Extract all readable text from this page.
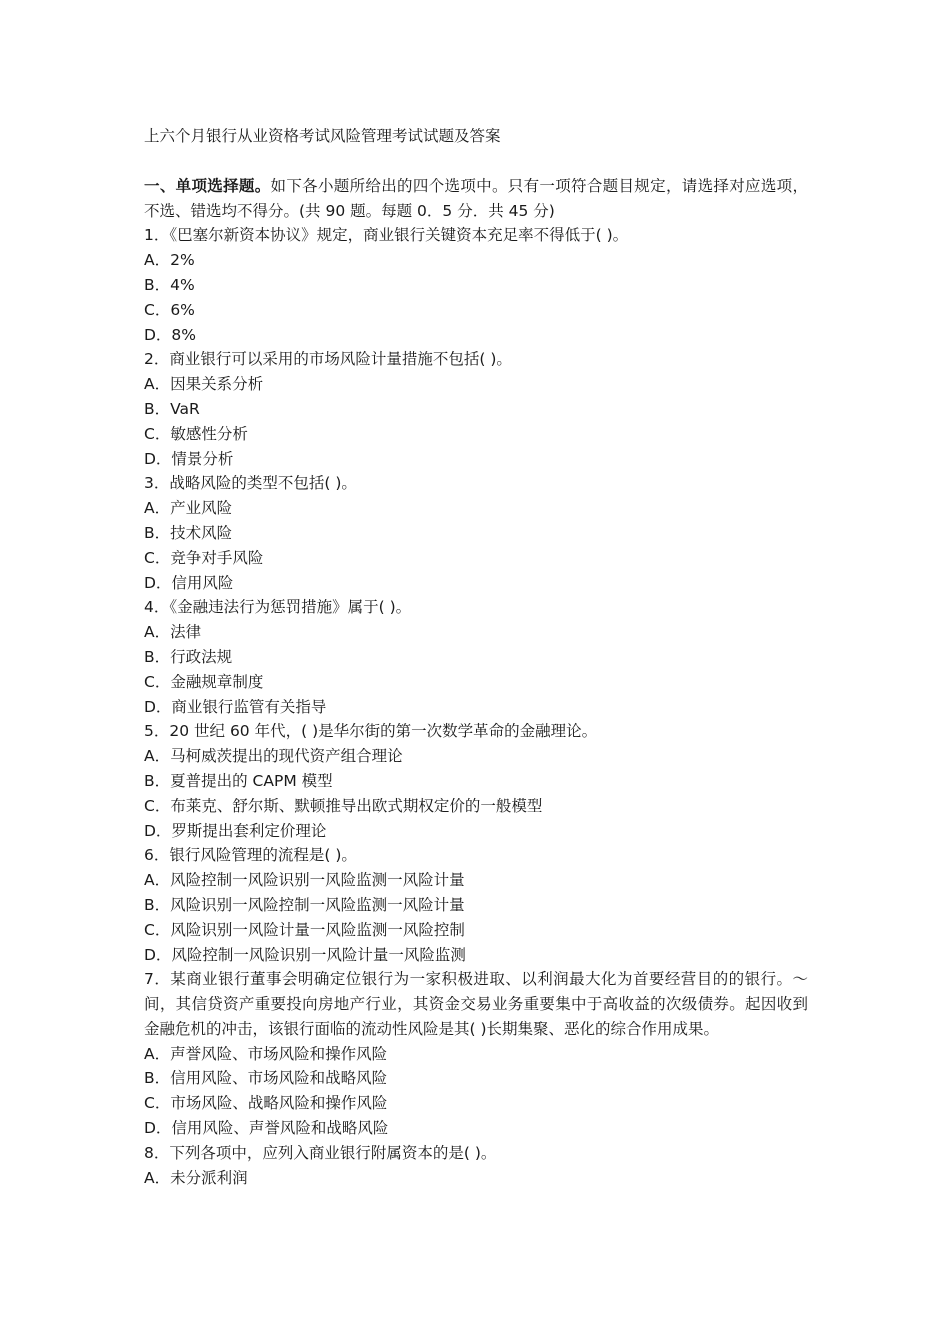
上六个月银行从业资格考试风险管理考试试题及答案

一、单项选择题。如下各小题所给出的四个选项中。只有一项符合题目规定，请选择对应选项，不选、错选均不得分。(共 90 题。每题 0．5 分．共 45 分)

1．《巴塞尔新资本协议》规定，商业银行关键资本充足率不得低于( )。

A．2%

B．4%

C．6%

D．8%

2．商业银行可以采用的市场风险计量措施不包括( )。

A．因果关系分析

B．VaR

C．敏感性分析

D．情景分析

3．战略风险的类型不包括( )。

A．产业风险

B．技术风险

C．竞争对手风险

D．信用风险

4．《金融违法行为惩罚措施》属于( )。

A．法律

B．行政法规

C．金融规章制度

D．商业银行监管有关指导

5．20 世纪 60 年代，( )是华尔街的第一次数学革命的金融理论。

A．马柯威茨提出的现代资产组合理论

B．夏普提出的 CAPM 模型

C．布莱克、舒尔斯、默顿推导出欧式期权定价的一般模型

D．罗斯提出套利定价理论

6．银行风险管理的流程是( )。

A．风险控制一风险识别一风险监测一风险计量

B．风险识别一风险控制一风险监测一风险计量

C．风险识别一风险计量一风险监测一风险控制

D．风险控制一风险识别一风险计量一风险监测

7．某商业银行董事会明确定位银行为一家积极进取、以利润最大化为首要经营目的的银行。～间，其信贷资产重要投向房地产行业，其资金交易业务重要集中于高收益的次级债券。起因收到金融危机的冲击，该银行面临的流动性风险是其( )长期集聚、恶化的综合作用成果。

A．声誉风险、市场风险和操作风险

B．信用风险、市场风险和战略风险

C．市场风险、战略风险和操作风险

D．信用风险、声誉风险和战略风险

8．下列各项中，应列入商业银行附属资本的是( )。

A．未分派利润
